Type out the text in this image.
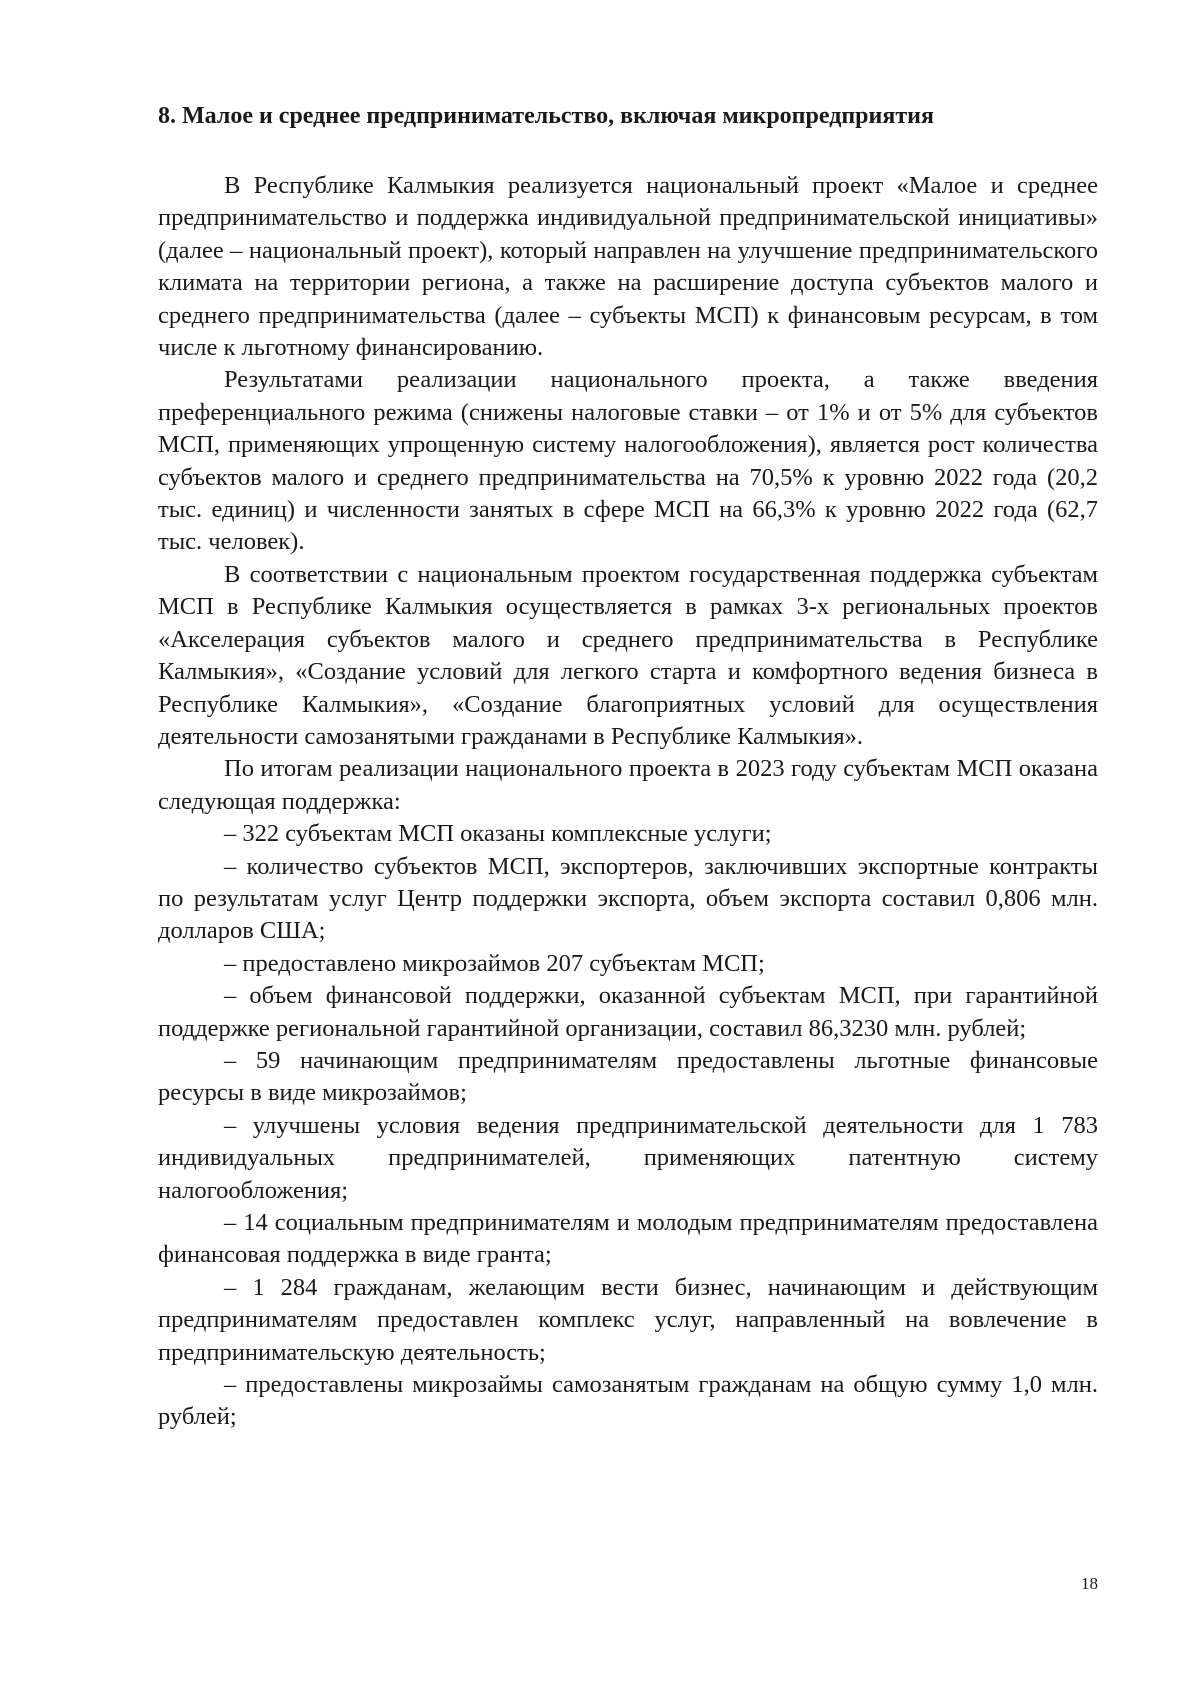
8. Малое и среднее предпринимательство, включая микропредприятия

В Республике Калмыкия реализуется национальный проект «Малое и среднее предпринимательство и поддержка индивидуальной предпринимательской инициативы» (далее – национальный проект), который направлен на улучшение предпринимательского климата на территории региона, а также на расширение доступа субъектов малого и среднего предпринимательства (далее – субъекты МСП) к финансовым ресурсам, в том числе к льготному финансированию.

Результатами реализации национального проекта, а также введения преференциального режима (снижены налоговые ставки – от 1% и от 5% для субъектов МСП, применяющих упрощенную систему налогообложения), является рост количества субъектов малого и среднего предпринимательства на 70,5% к уровню 2022 года (20,2 тыс. единиц) и численности занятых в сфере МСП на 66,3% к уровню 2022 года (62,7 тыс. человек).

В соответствии с национальным проектом государственная поддержка субъектам МСП в Республике Калмыкия осуществляется в рамках 3-х региональных проектов «Акселерация субъектов малого и среднего предпринимательства в Республике Калмыкия», «Создание условий для легкого старта и комфортного ведения бизнеса в Республике Калмыкия», «Создание благоприятных условий для осуществления деятельности самозанятыми гражданами в Республике Калмыкия».

По итогам реализации национального проекта в 2023 году субъектам МСП оказана следующая поддержка:

– 322 субъектам МСП оказаны комплексные услуги;

– количество субъектов МСП, экспортеров, заключивших экспортные контракты по результатам услуг Центр поддержки экспорта, объем экспорта составил 0,806 млн. долларов США;

– предоставлено микрозаймов 207 субъектам МСП;

– объем финансовой поддержки, оказанной субъектам МСП, при гарантийной поддержке региональной гарантийной организации, составил 86,3230 млн. рублей;

– 59 начинающим предпринимателям предоставлены льготные финансовые ресурсы в виде микрозаймов;

– улучшены условия ведения предпринимательской деятельности для 1 783 индивидуальных предпринимателей, применяющих патентную систему налогообложения;

– 14 социальным предпринимателям и молодым предпринимателям предоставлена финансовая поддержка в виде гранта;

– 1 284 гражданам, желающим вести бизнес, начинающим и действующим предпринимателям предоставлен комплекс услуг, направленный на вовлечение в предпринимательскую деятельность;

– предоставлены микрозаймы самозанятым гражданам на общую сумму 1,0 млн. рублей;

18
